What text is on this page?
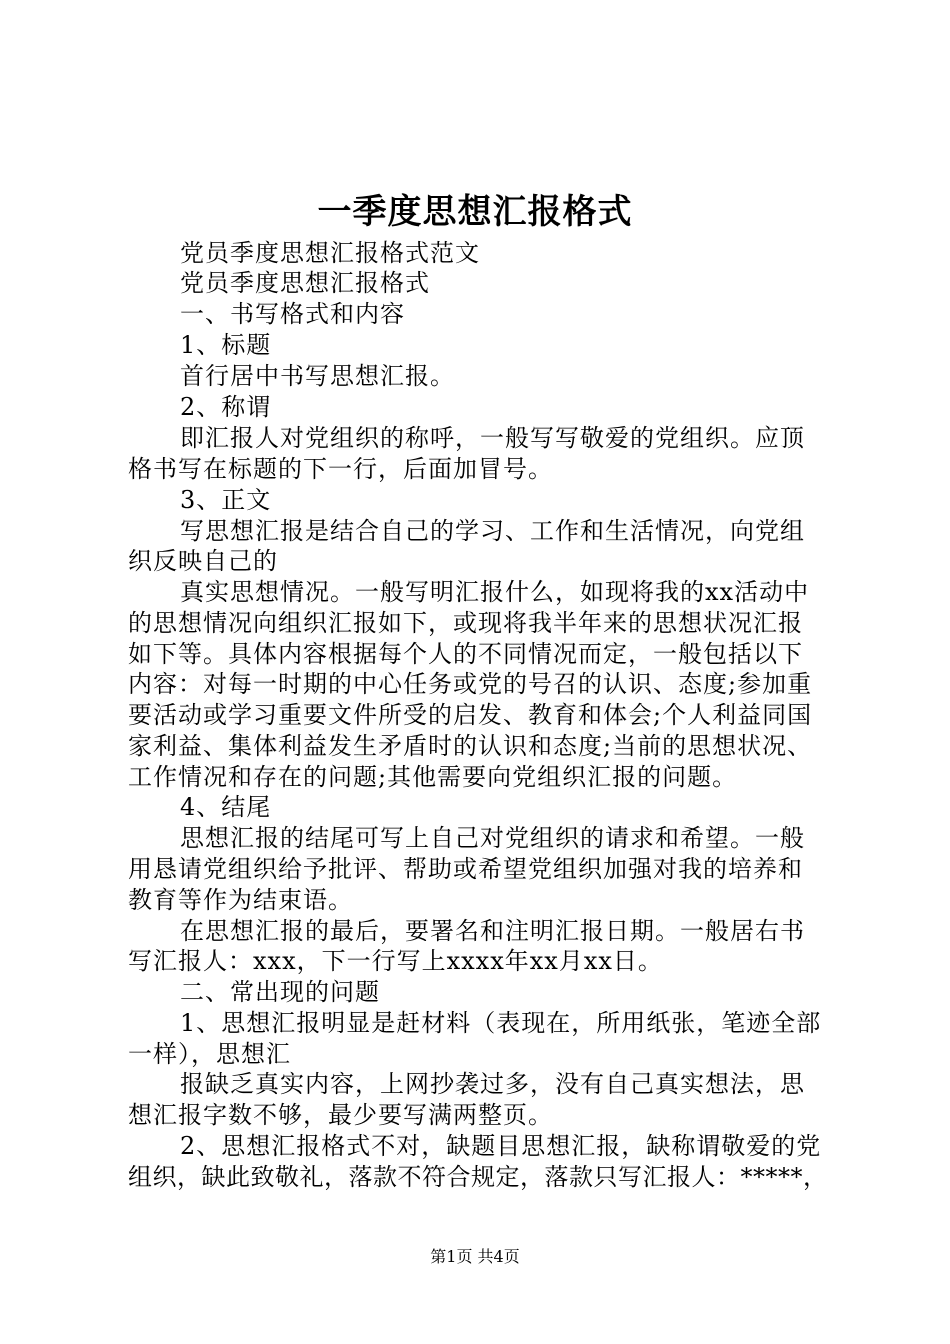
一季度思想汇报格式
党员季度思想汇报格式范文
党员季度思想汇报格式
一、书写格式和内容
1、标题
首行居中书写思想汇报。
2、称谓
即汇报人对党组织的称呼，一般写写敬爱的党组织。应顶
格书写在标题的下一行，后面加冒号。
3、正文
写思想汇报是结合自己的学习、工作和生活情况，向党组
织反映自己的
真实思想情况。一般写明汇报什么，如现将我的xx活动中
的思想情况向组织汇报如下，或现将我半年来的思想状况汇报
如下等。具体内容根据每个人的不同情况而定，一般包括以下
内容：对每一时期的中心任务或党的号召的认识、态度;参加重
要活动或学习重要文件所受的启发、教育和体会;个人利益同国
家利益、集体利益发生矛盾时的认识和态度;当前的思想状况、
工作情况和存在的问题;其他需要向党组织汇报的问题。
4、结尾
思想汇报的结尾可写上自己对党组织的请求和希望。一般
用恳请党组织给予批评、帮助或希望党组织加强对我的培养和
教育等作为结束语。
在思想汇报的最后，要署名和注明汇报日期。一般居右书
写汇报人：xxx，下一行写上xxxx年xx月xx日。
二、常出现的问题
1、思想汇报明显是赶材料（表现在，所用纸张，笔迹全部
一样），思想汇
报缺乏真实内容，上网抄袭过多，没有自己真实想法，思
想汇报字数不够，最少要写满两整页。
2、思想汇报格式不对，缺题目思想汇报，缺称谓敬爱的党
组织，缺此致敬礼，落款不符合规定，落款只写汇报人：*****，
第1页 共4页
